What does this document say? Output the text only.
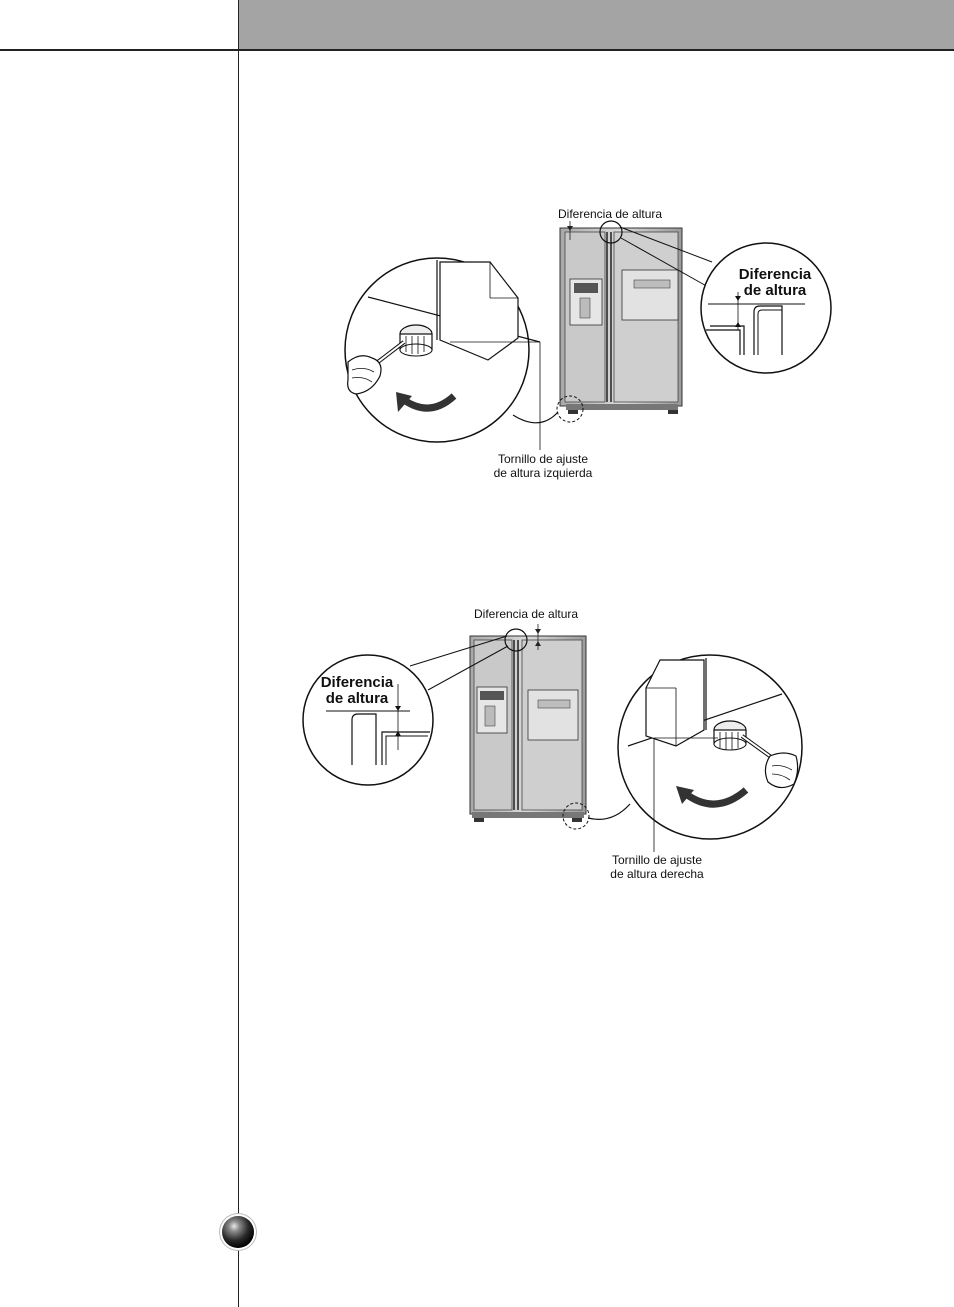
Diferencia de altura
Diferencia
de altura
Tornillo de ajuste
de altura izquierda
Diferencia de altura
Diferencia
de altura
Tornillo de ajuste
de altura derecha
